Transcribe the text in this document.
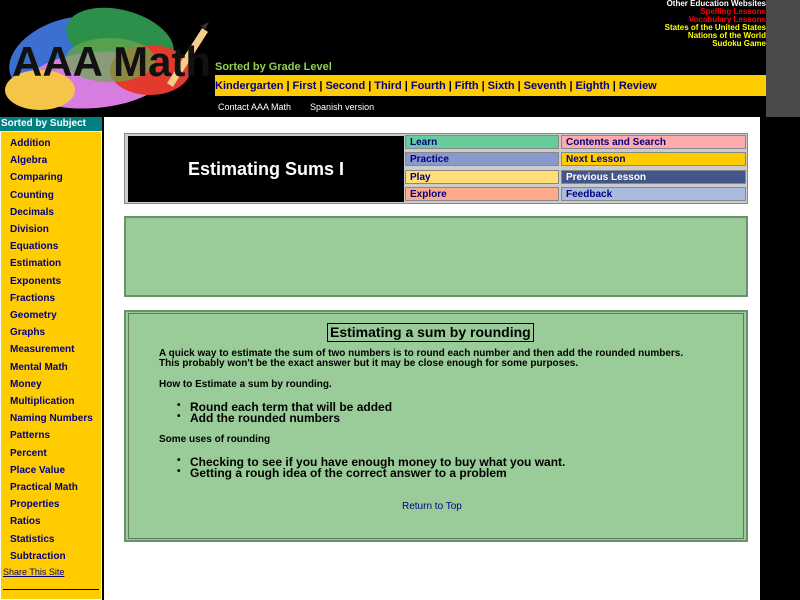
AAA Math
Other Education Websites
Spelling Lessons
Vocabulary Lessons
States of the United States
Nations of the World
Sudoku Game
Sorted by Grade Level
Kindergarten | First | Second | Third | Fourth | Fifth | Sixth | Seventh | Eighth | Review
Contact AAA Math Spanish version
Sorted by Subject
Addition
Algebra
Comparing
Counting
Decimals
Division
Equations
Estimation
Exponents
Fractions
Geometry
Graphs
Measurement
Mental Math
Money
Multiplication
Naming Numbers
Patterns
Percent
Place Value
Practical Math
Properties
Ratios
Statistics
Subtraction
Share This Site
Estimating Sums I
Learn	Contents and Search
Practice	Next Lesson
Play	Previous Lesson
Explore	Feedback
Estimating a sum by rounding
A quick way to estimate the sum of two numbers is to round each number and then add the rounded numbers.
This probably won't be the exact answer but it may be close enough for some purposes.
How to Estimate a sum by rounding.
• Round each term that will be added
• Add the rounded numbers
Some uses of rounding
• Checking to see if you have enough money to buy what you want.
• Getting a rough idea of the correct answer to a problem
Return to Top
